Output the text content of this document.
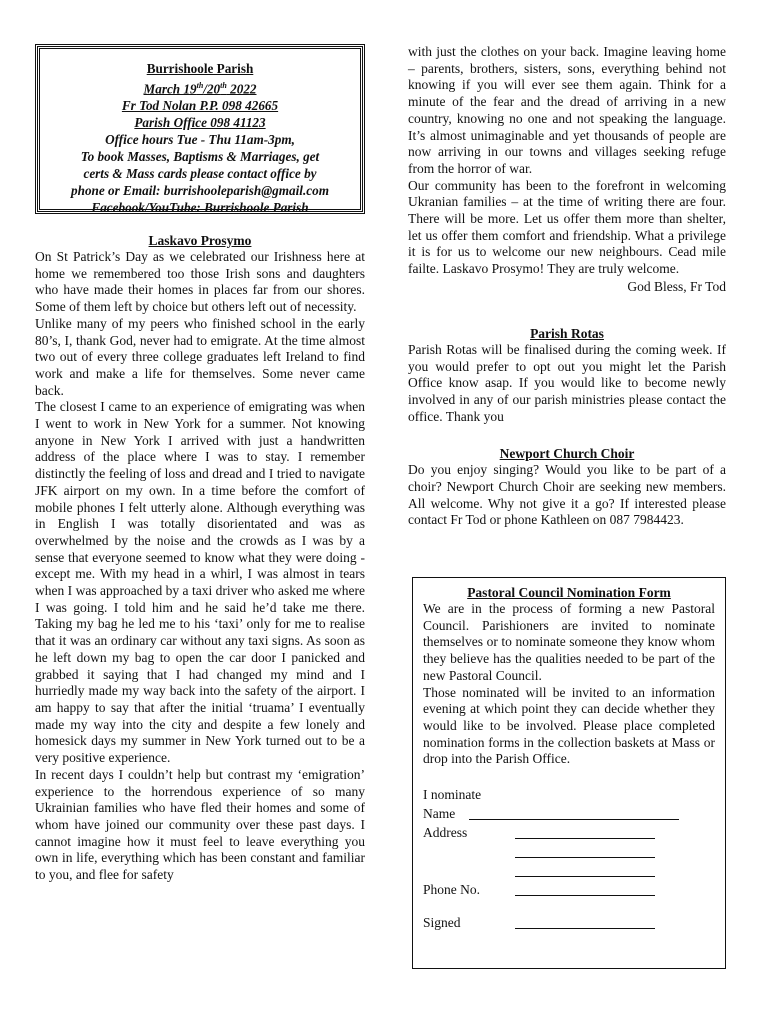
Burrishoole Parish
March 19th/20th 2022
Fr Tod Nolan P.P. 098 42665
Parish Office 098 41123
Office hours Tue - Thu 11am-3pm,
To book Masses, Baptisms & Marriages, get
certs & Mass cards please contact office by
phone or Email: burrishooleparish@gmail.com
Facebook/YouTube: Burrishoole Parish
Laskavo Prosymo

On St Patrick’s Day as we celebrated our Irishness here at home we remembered too those Irish sons and daughters who have made their homes in places far from our shores. Some of them left by choice but others left out of necessity.

Unlike many of my peers who finished school in the early 80’s, I, thank God, never had to emigrate. At the time almost two out of every three college graduates left Ireland to find work and make a life for themselves. Some never came back.

The closest I came to an experience of emigrating was when I went to work in New York for a summer. Not knowing anyone in New York I arrived with just a handwritten address of the place where I was to stay. I remember distinctly the feeling of loss and dread and I tried to navigate JFK airport on my own. In a time before the comfort of mobile phones I felt utterly alone. Although everything was in English I was totally disorientated and was as overwhelmed by the noise and the crowds as I was by a sense that everyone seemed to know what they were doing - except me. With my head in a whirl, I was almost in tears when I was approached by a taxi driver who asked me where I was going. I told him and he said he’d take me there. Taking my bag he led me to his ‘taxi’ only for me to realise that it was an ordinary car without any taxi signs. As soon as he left down my bag to open the car door I panicked and grabbed it saying that I had changed my mind and I hurriedly made my way back into the safety of the airport. I am happy to say that after the initial ‘truama’ I eventually made my way into the city and despite a few lonely and homesick days my summer in New York turned out to be a very positive experience.

In recent days I couldn’t help but contrast my ‘emigration’ experience to the horrendous experience of so many Ukrainian families who have fled their homes and some of whom have joined our community over these past days. I cannot imagine how it must feel to leave everything you own in life, everything which has been constant and familiar to you, and flee for safety

with just the clothes on your back. Imagine leaving home – parents, brothers, sisters, sons, everything behind not knowing if you will ever see them again. Think for a minute of the fear and the dread of arriving in a new country, knowing no one and not speaking the language. It’s almost unimaginable and yet thousands of people are now arriving in our towns and villages seeking refuge from the horror of war.

Our community has been to the forefront in welcoming Ukranian families – at the time of writing there are four. There will be more. Let us offer them more than shelter, let us offer them comfort and friendship. What a privilege it is for us to welcome our new neighbours. Cead mile failte. Laskavo Prosymo! They are truly welcome.

God Bless, Fr Tod
Parish Rotas

Parish Rotas will be finalised during the coming week. If you would prefer to opt out you might let the Parish Office know asap. If you would like to become newly involved in any of our parish ministries please contact the office. Thank you

Newport Church Choir

Do you enjoy singing? Would you like to be part of a choir? Newport Church Choir are seeking new members. All welcome. Why not give it a go? If interested please contact Fr Tod or phone Kathleen on 087 7984423.

Pastoral Council Nomination Form

We are in the process of forming a new Pastoral Council. Parishioners are invited to nominate themselves or to nominate someone they know whom they believe has the qualities needed to be part of the new Pastoral Council.

Those nominated will be invited to an information evening at which point they can decide whether they would like to be involved. Please place completed nomination forms in the collection baskets at Mass or drop into the Parish Office.

I nominate
Name
Address
Phone No.
Signed
